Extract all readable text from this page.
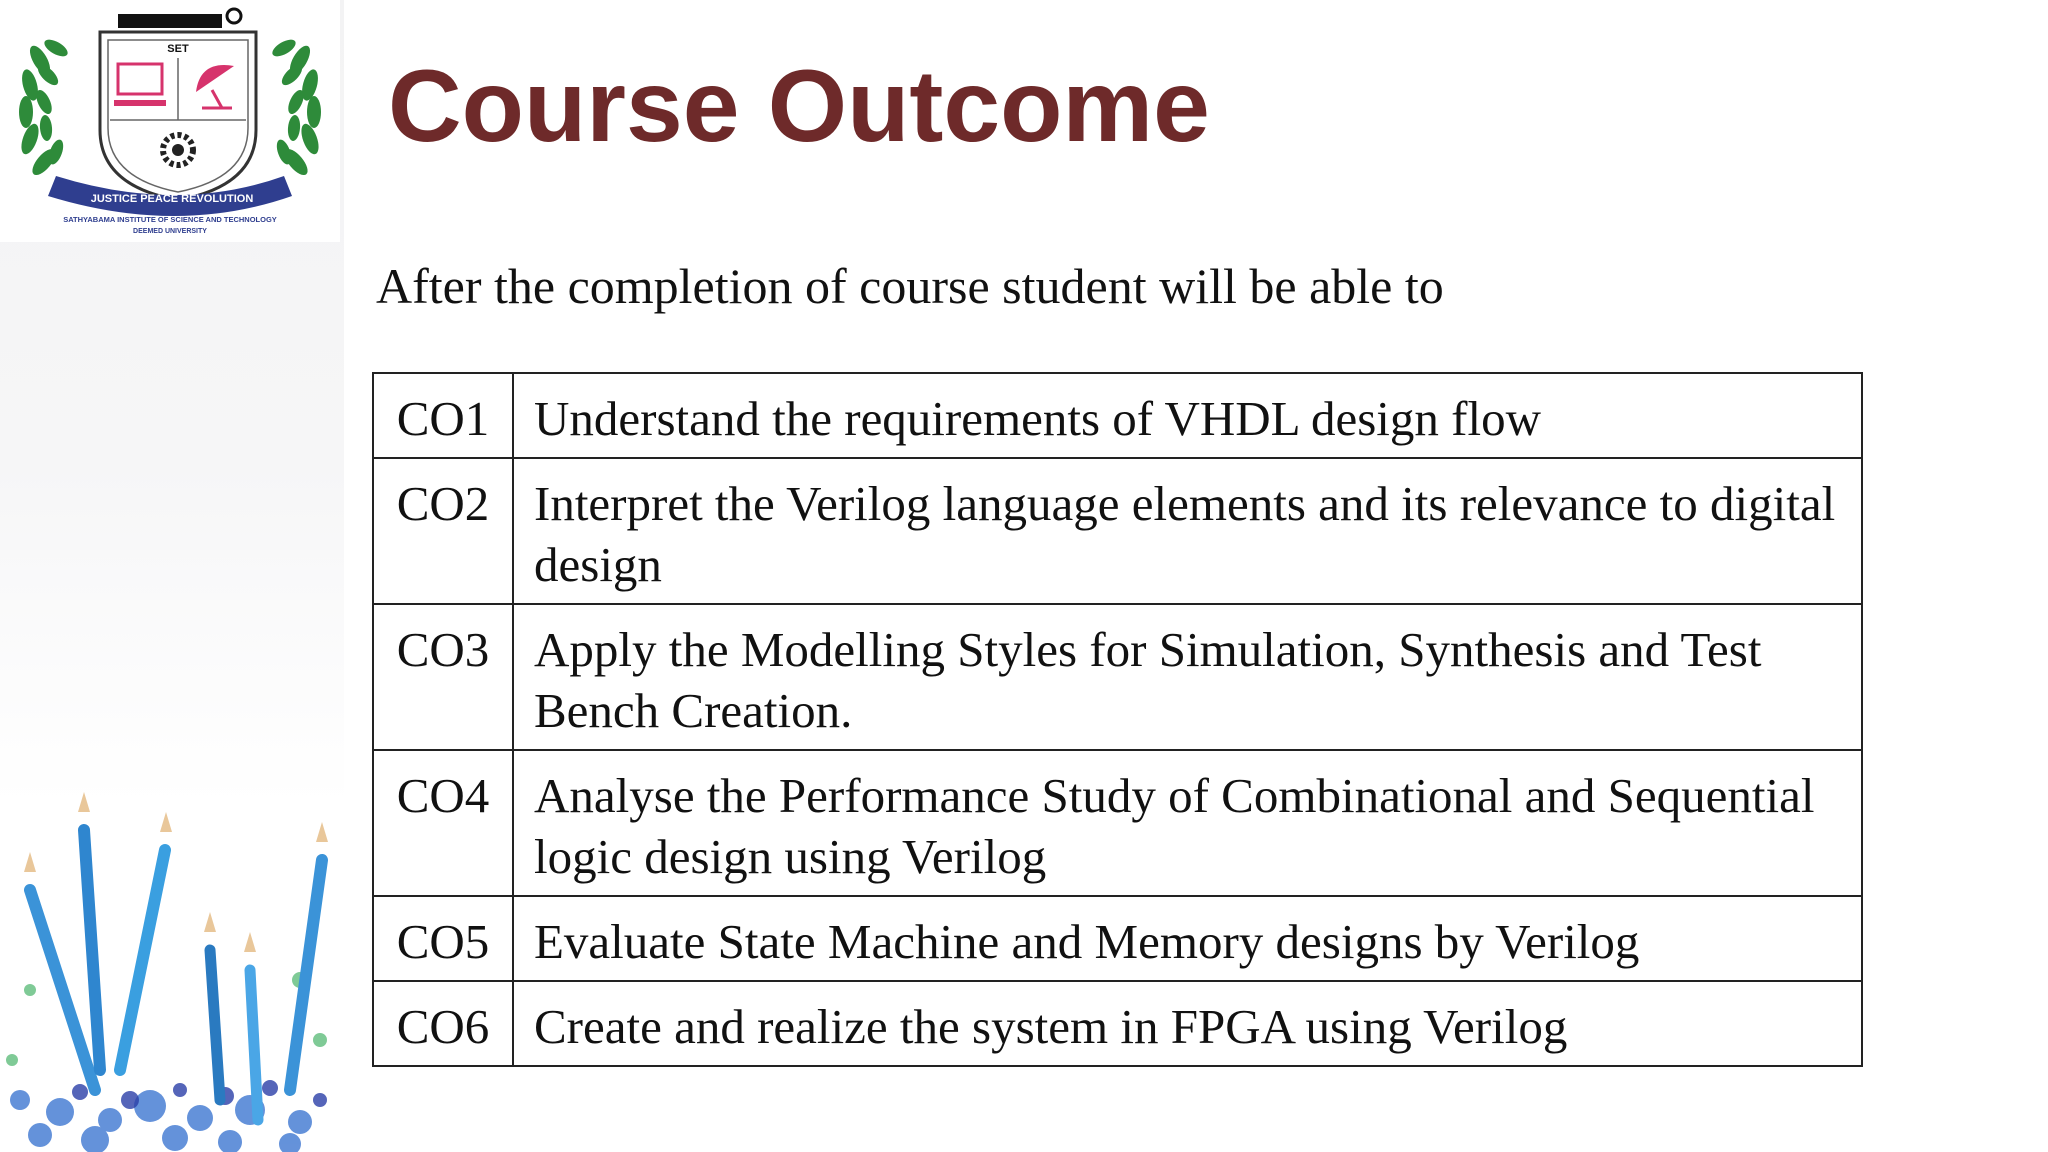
SET
JUSTICE PEACE REVOLUTION
SATHYABAMA INSTITUTE OF SCIENCE AND TECHNOLOGY
DEEMED UNIVERSITY
Course Outcome

After the completion of course student will be able to

CO1	Understand the requirements of VHDL design flow
CO2	Interpret the Verilog language elements and its relevance to digital design
CO3	Apply the Modelling Styles for Simulation, Synthesis and Test Bench Creation.
CO4	Analyse the Performance Study of Combinational and Sequential logic design using Verilog
CO5	Evaluate State Machine and Memory designs by Verilog
CO6	Create and realize the system in FPGA using Verilog
